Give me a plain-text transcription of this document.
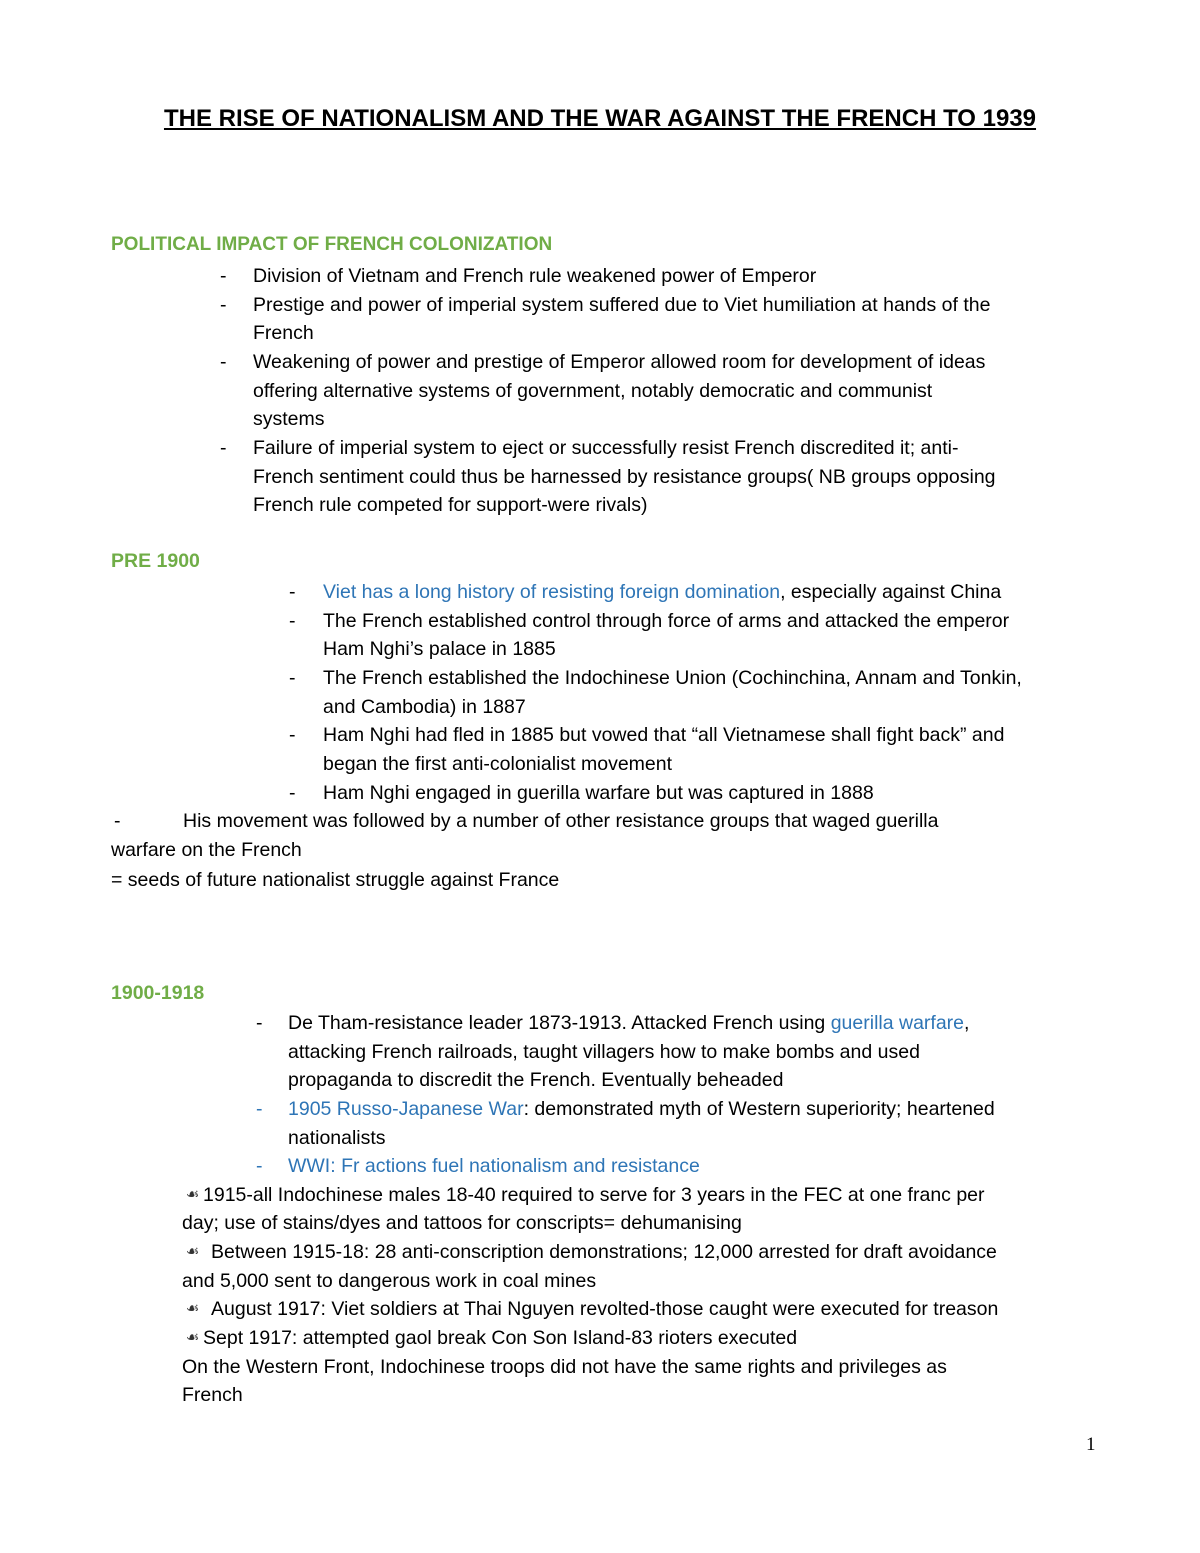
THE RISE OF NATIONALISM AND THE WAR AGAINST THE FRENCH TO 1939
POLITICAL IMPACT OF FRENCH COLONIZATION
- Division of Vietnam and French rule weakened power of Emperor
- Prestige and power of imperial system suffered due to Viet humiliation at hands of the
French
- Weakening of power and prestige of Emperor allowed room for development of ideas
offering alternative systems of government, notably democratic and communist
systems
- Failure of imperial system to eject or successfully resist French discredited it; anti-
French sentiment could thus be harnessed by resistance groups( NB groups opposing
French rule competed for support-were rivals)
PRE 1900
- Viet has a long history of resisting foreign domination, especially against China
- The French established control through force of arms and attacked the emperor
Ham Nghi’s palace in 1885
- The French established the Indochinese Union (Cochinchina, Annam and Tonkin,
and Cambodia) in 1887
- Ham Nghi had fled in 1885 but vowed that “all Vietnamese shall fight back” and
began the first anti-colonialist movement
- Ham Nghi engaged in guerilla warfare but was captured in 1888
-	His movement was followed by a number of other resistance groups that waged guerilla
warfare on the French
= seeds of future nationalist struggle against France
1900-1918
- De Tham-resistance leader 1873-1913. Attacked French using guerilla warfare,
attacking French railroads, taught villagers how to make bombs and used
propaganda to discredit the French. Eventually beheaded
- 1905 Russo-Japanese War: demonstrated myth of Western superiority; heartened
nationalists
- WWI: Fr actions fuel nationalism and resistance
☙ 1915-all Indochinese males 18-40 required to serve for 3 years in the FEC at one franc per
day; use of stains/dyes and tattoos for conscripts= dehumanising
☙ Between 1915-18: 28 anti-conscription demonstrations; 12,000 arrested for draft avoidance
and 5,000 sent to dangerous work in coal mines
☙ August 1917: Viet soldiers at Thai Nguyen revolted-those caught were executed for treason
☙ Sept 1917: attempted gaol break Con Son Island-83 rioters executed
On the Western Front, Indochinese troops did not have the same rights and privileges as
French
1
